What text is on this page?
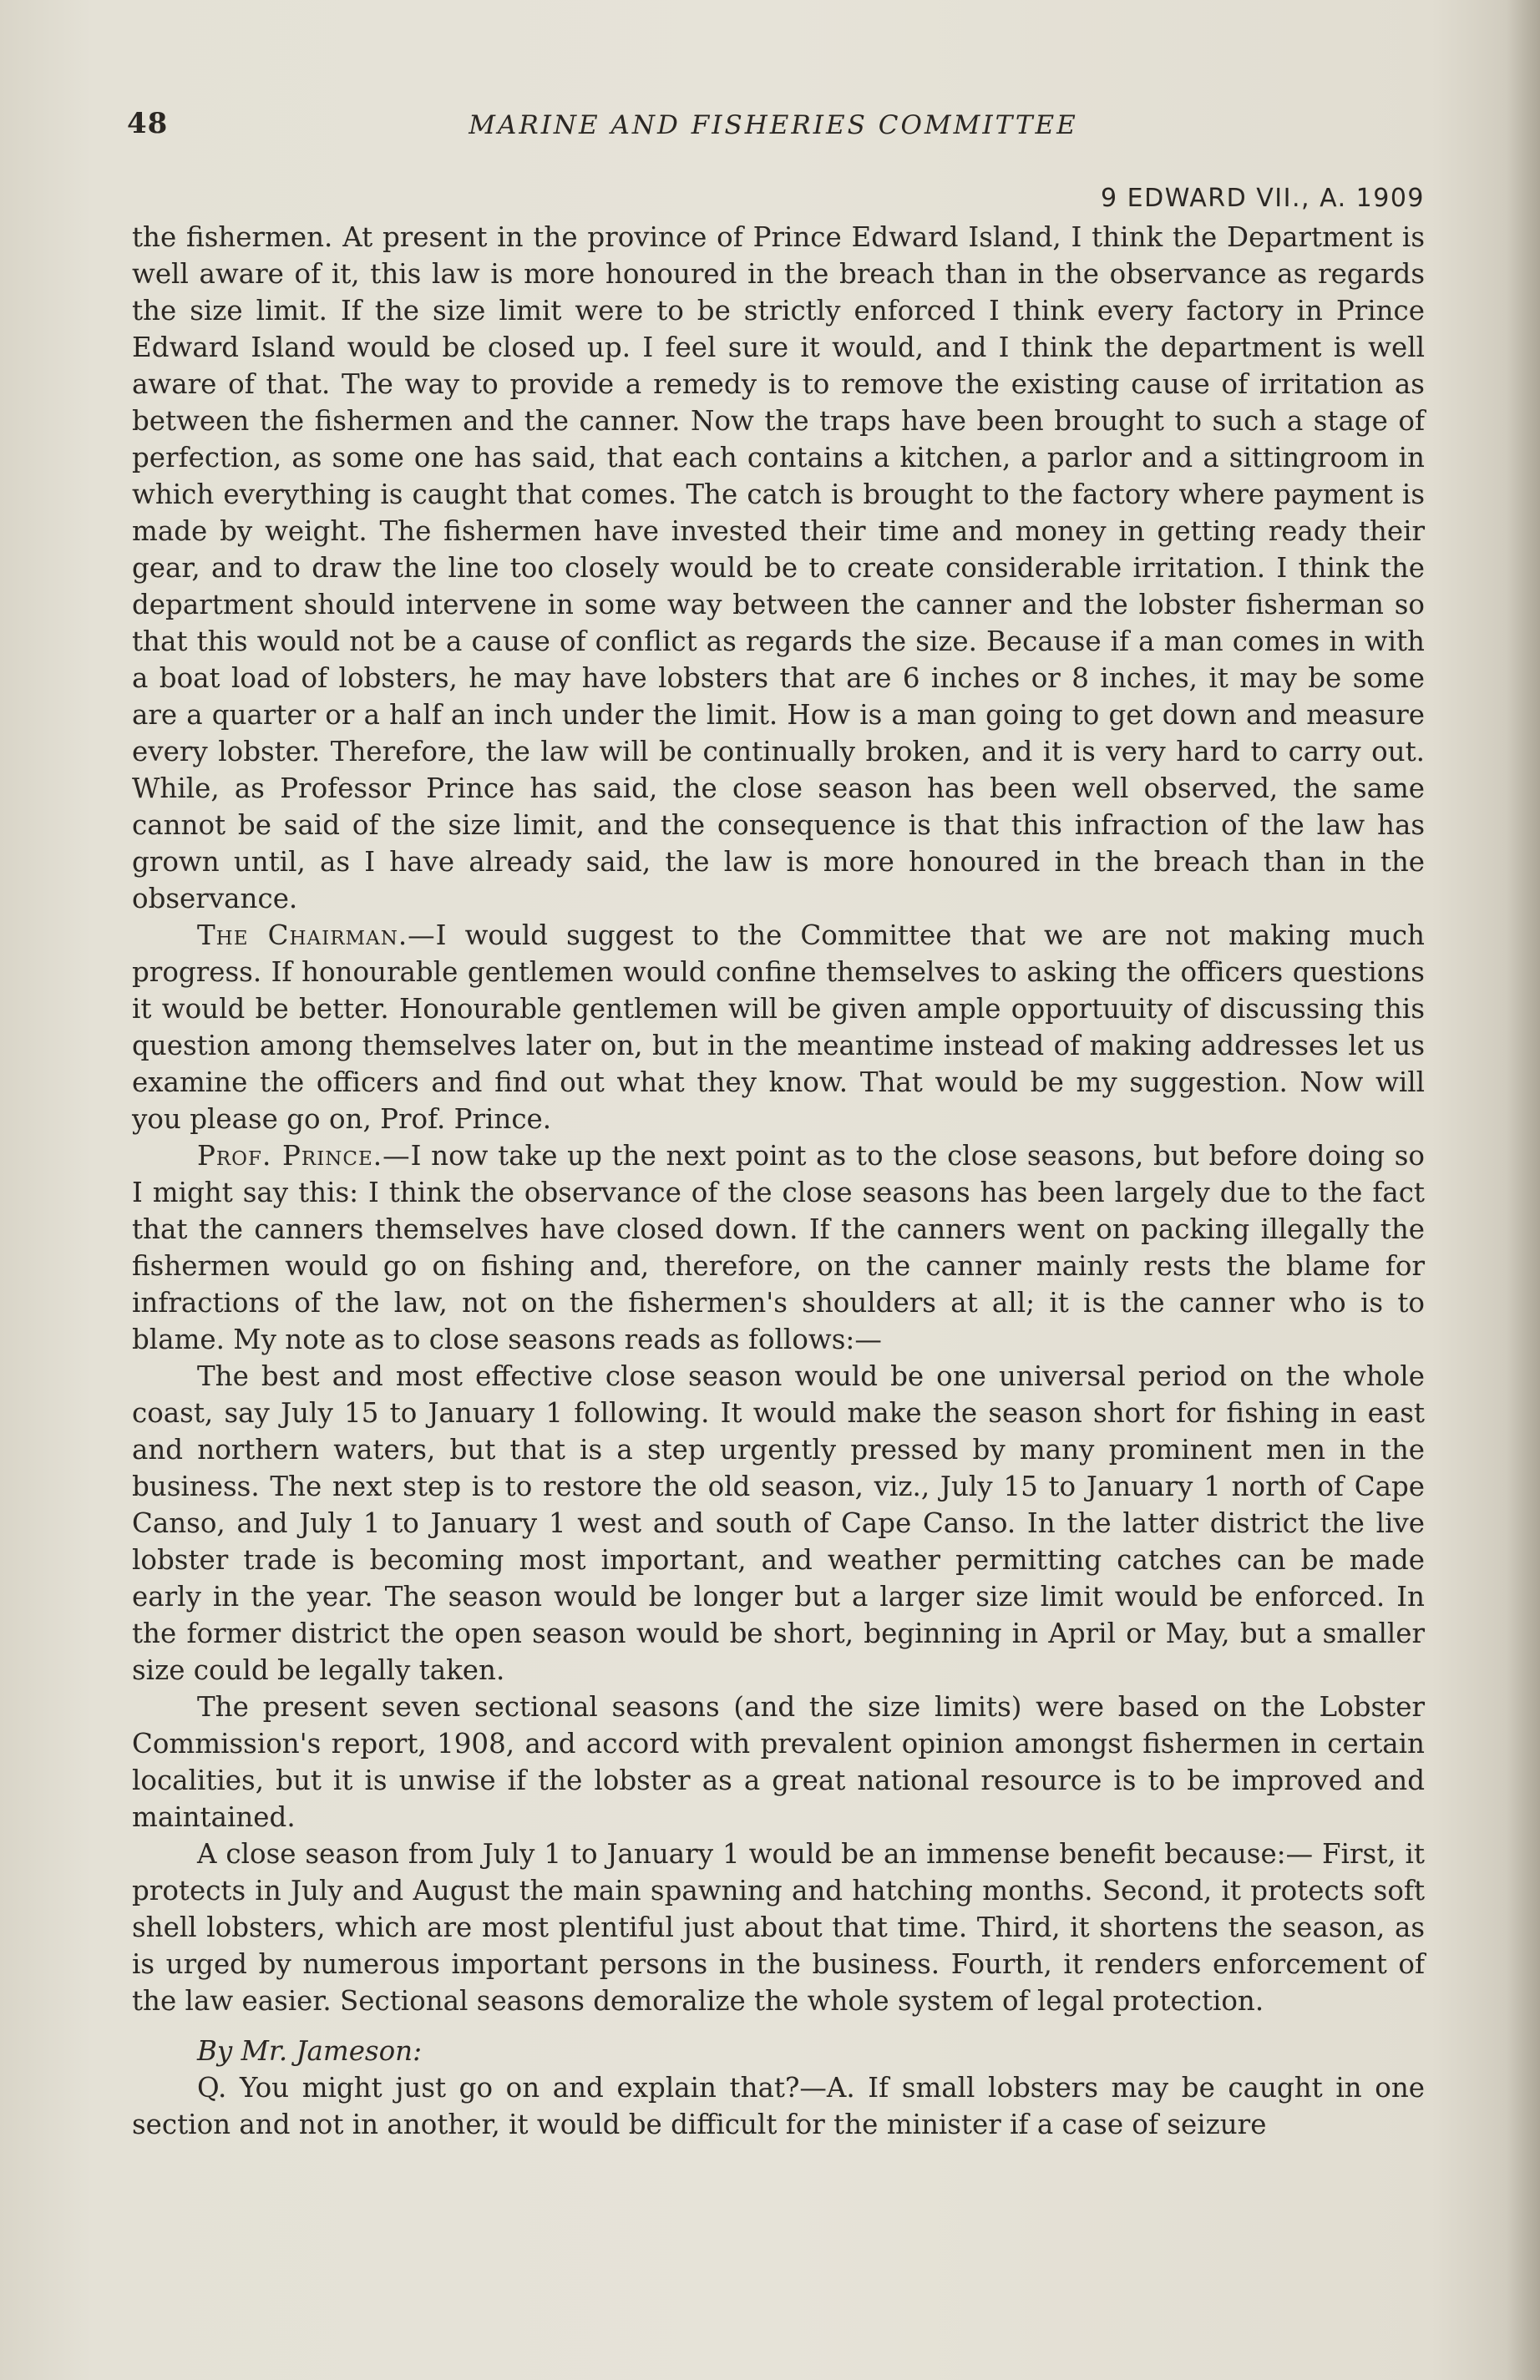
48	MARINE AND FISHERIES COMMITTEE
9 EDWARD VII., A. 1909

the fishermen. At present in the province of Prince Edward Island, I think the Department is well aware of it, this law is more honoured in the breach than in the observance as regards the size limit. If the size limit were to be strictly enforced I think every factory in Prince Edward Island would be closed up. I feel sure it would, and I think the department is well aware of that. The way to provide a remedy is to remove the existing cause of irritation as between the fishermen and the canner. Now the traps have been brought to such a stage of perfection, as some one has said, that each contains a kitchen, a parlor and a sittingroom in which everything is caught that comes. The catch is brought to the factory where payment is made by weight. The fishermen have invested their time and money in getting ready their gear, and to draw the line too closely would be to create considerable irritation. I think the department should intervene in some way between the canner and the lobster fisherman so that this would not be a cause of conflict as regards the size. Because if a man comes in with a boat load of lobsters, he may have lobsters that are 6 inches or 8 inches, it may be some are a quarter or a half an inch under the limit. How is a man going to get down and measure every lobster. Therefore, the law will be continually broken, and it is very hard to carry out. While, as Professor Prince has said, the close season has been well observed, the same cannot be said of the size limit, and the consequence is that this infraction of the law has grown until, as I have already said, the law is more honoured in the breach than in the observance.

The Chairman.—I would suggest to the Committee that we are not making much progress. If honourable gentlemen would confine themselves to asking the officers questions it would be better. Honourable gentlemen will be given ample opportuuity of discussing this question among themselves later on, but in the meantime instead of making addresses let us examine the officers and find out what they know. That would be my suggestion. Now will you please go on, Prof. Prince.

Prof. Prince.—I now take up the next point as to the close seasons, but before doing so I might say this: I think the observance of the close seasons has been largely due to the fact that the canners themselves have closed down. If the canners went on packing illegally the fishermen would go on fishing and, therefore, on the canner mainly rests the blame for infractions of the law, not on the fishermen's shoulders at all; it is the canner who is to blame. My note as to close seasons reads as follows:—

The best and most effective close season would be one universal period on the whole coast, say July 15 to January 1 following. It would make the season short for fishing in east and northern waters, but that is a step urgently pressed by many prominent men in the business. The next step is to restore the old season, viz., July 15 to January 1 north of Cape Canso, and July 1 to January 1 west and south of Cape Canso. In the latter district the live lobster trade is becoming most important, and weather permitting catches can be made early in the year. The season would be longer but a larger size limit would be enforced. In the former district the open season would be short, beginning in April or May, but a smaller size could be legally taken.

The present seven sectional seasons (and the size limits) were based on the Lobster Commission's report, 1908, and accord with prevalent opinion amongst fishermen in certain localities, but it is unwise if the lobster as a great national resource is to be improved and maintained.

A close season from July 1 to January 1 would be an immense benefit because:— First, it protects in July and August the main spawning and hatching months. Second, it protects soft shell lobsters, which are most plentiful just about that time. Third, it shortens the season, as is urged by numerous important persons in the business. Fourth, it renders enforcement of the law easier. Sectional seasons demoralize the whole system of legal protection.

By Mr. Jameson:

Q. You might just go on and explain that?—A. If small lobsters may be caught in one section and not in another, it would be difficult for the minister if a case of seizure
